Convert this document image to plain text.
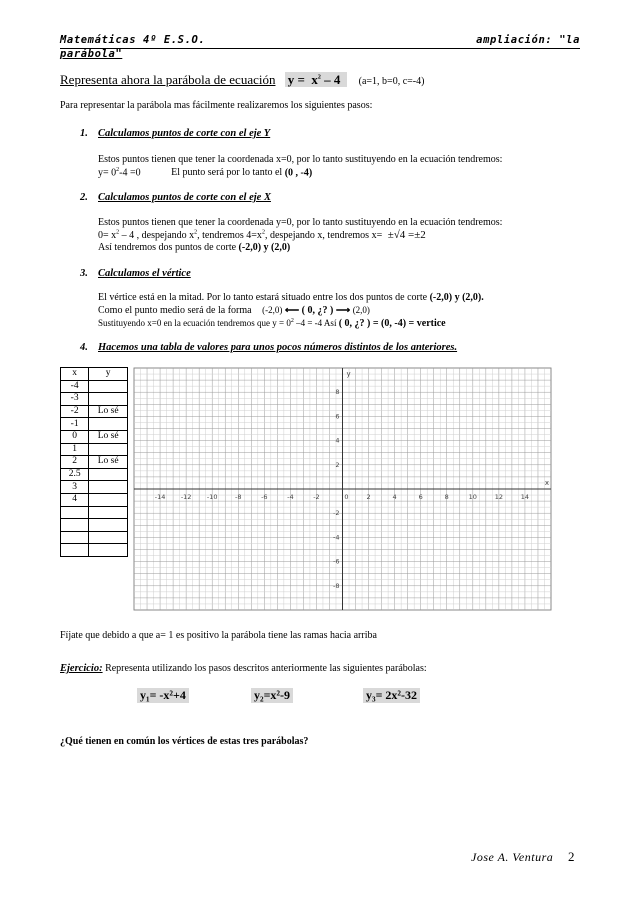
Matemáticas 4º E.S.O.	ampliación: "la
parábola"
Representa ahora la parábola de ecuación $y = x^2 - 4$ (a=1, b=0, c=-4)
Para representar la parábola mas fácilmente realizaremos los siguientes pasos:
1. Calculamos puntos de corte con el eje Y
Estos puntos tienen que tener la coordenada x=0, por lo tanto sustituyendo en la ecuación tendremos:
$y= 0^2-4 =0$	El punto será por lo tanto el (0 , -4)
2. Calculamos puntos de corte con el eje X
Estos puntos tienen que tener la coordenada y=0, por lo tanto sustituyendo en la ecuación tendremos:
$0= x^2 - 4$ , despejando $x^2$, tendremos $4=x^2$, despejando x, tendremos x= ±√4 =±2
Así tendremos dos puntos de corte (-2,0) y (2,0)
3. Calculamos el vértice
El vértice está en la mitad. Por lo tanto estará situado entre los dos puntos de corte (-2,0) y (2,0).
Como el punto medio será de la forma (-2,0) ⟵ ( 0, ¿? ) ⟶ (2,0)
Sustituyendo x=0 en la ecuación tendremos que $y = 0^2$ –4 = -4 Así ( 0, ¿? ) = (0, -4) = vertice
4. Hacemos una tabla de valores para unos pocos números distintos de los anteriores.
x	y
-4	
-3	
-2	Lo sé
-1	
0	Lo sé
1	
2	Lo sé
2.5	
3	
4	

		-14 -12 -10	-8	-6	-4	-2	0	2	4	6	8	10	12	14
8
6
4
2
-2
-4
-6
-8
x
y
Fíjate que debido a que a= 1 es positivo la parábola tiene las ramas hacia arriba
Ejercicio: Representa utilizando los pasos descritos anteriormente las siguientes parábolas:
y₁= -x²+4	y₂=x²-9	y₃= 2x²-32
¿Qué tienen en común los vértices de estas tres parábolas?
Jose A. Ventura 2
